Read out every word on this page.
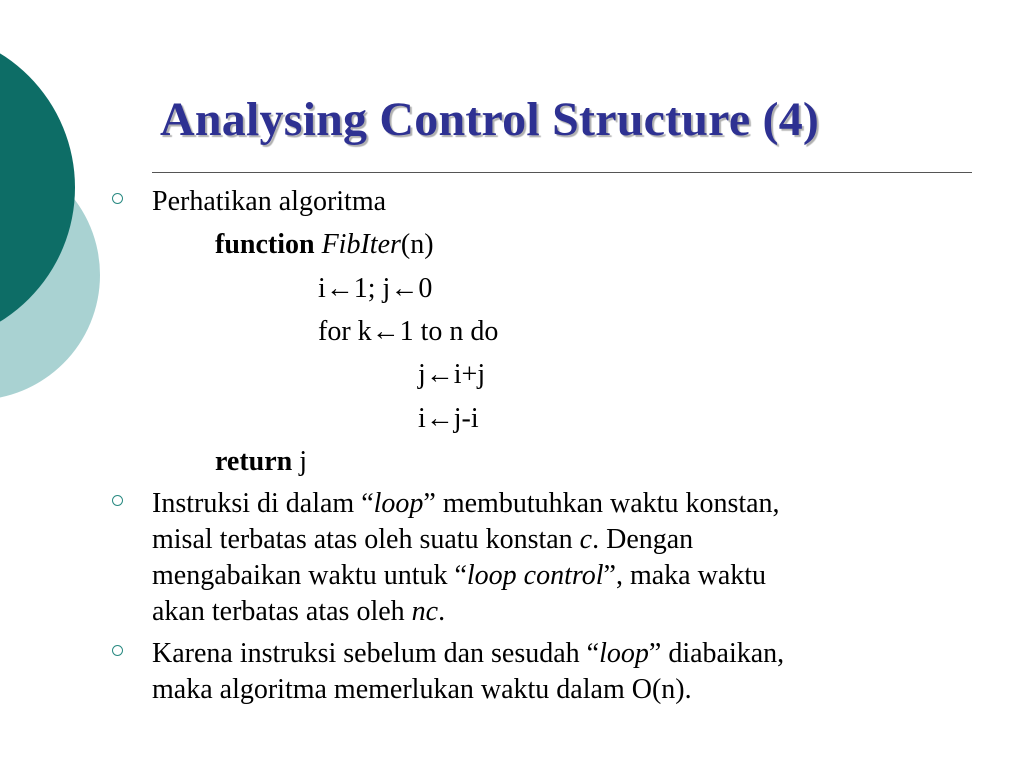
Analysing Control Structure (4)
Perhatikan algoritma
function FibIter(n)
i←1; j←0
for k←1 to n do
j←i+j
i←j-i
return j
Instruksi di dalam “loop” membutuhkan waktu konstan,
misal terbatas atas oleh suatu konstan c. Dengan
mengabaikan waktu untuk “loop control”, maka waktu
akan terbatas atas oleh nc.
Karena instruksi sebelum dan sesudah “loop” diabaikan,
maka algoritma memerlukan waktu dalam O(n).
